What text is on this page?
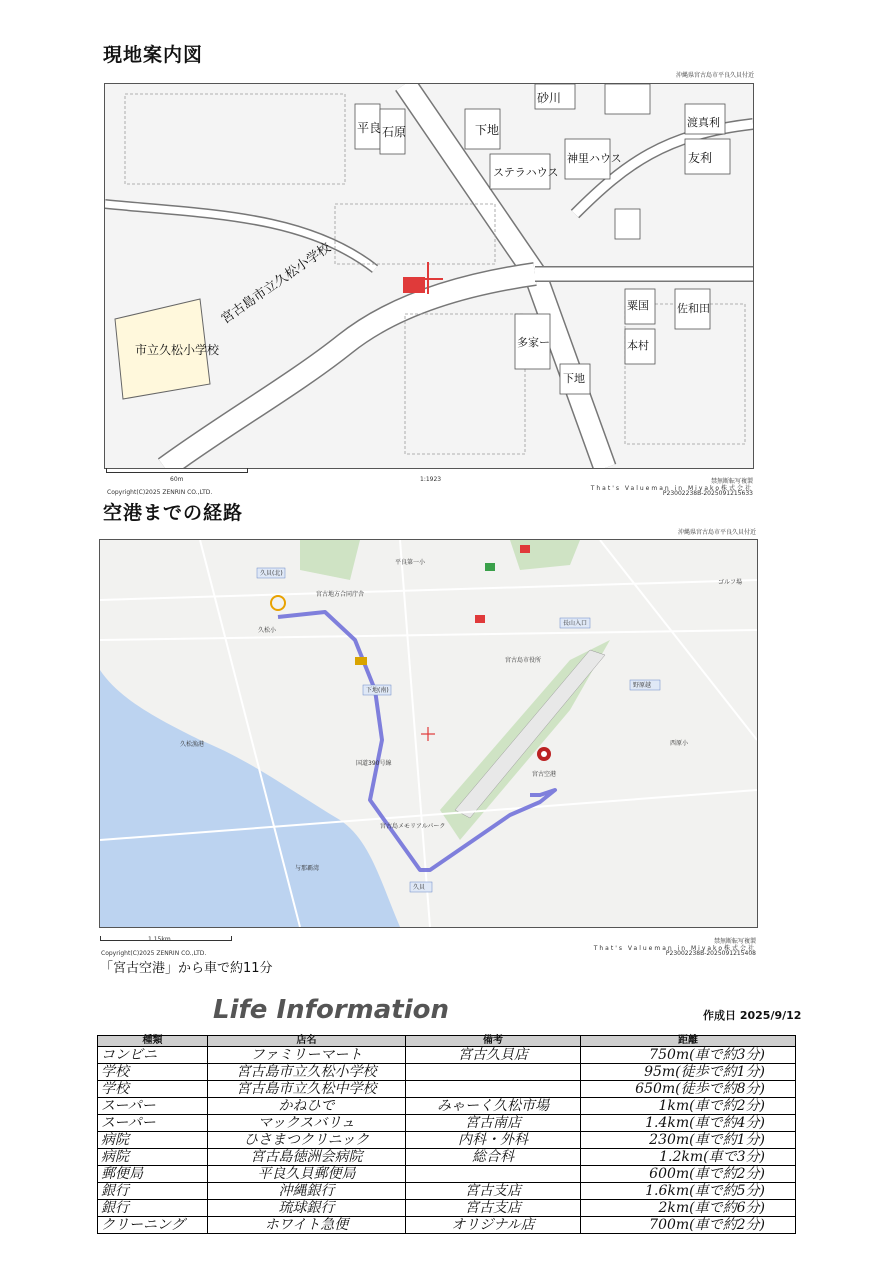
現地案内図
沖縄県宮古島市平良久貝付近
宮古島市立久松小学校
市立久松小学校
下地
ステラハウス
神里ハウス
砂川
平良 石原
多家ー
下地
粟国
本村
佐和田
友利
渡真利
60m	1:1923
Copyright(C)2025 ZENRIN CO.,LTD.
禁無断転写複製
That's Valueman in Miyako株式会社
P23002238B-2025091215633
空港までの経路
沖縄県宮古島市平良久貝付近
久貝(北)
久松小
平良第一小
宮古地方合同庁舎
下地(南)
国道390号線
宮古島市役所
宮古島メモリアルパーク
宮古空港
長山入口
野原越
久松漁港
与那覇湾
久貝
西原小
ゴルフ場
1.15km
Copyright(C)2025 ZENRIN CO.,LTD.
禁無断転写複製
That's Valueman in Miyako株式会社
P23002238B-2025091215408
「宮古空港」から車で約11分
Life Information	作成日 2025/9/12
種類	店名	備考	距離
コンビニ	ファミリーマート	宮古久貝店	750m(車で約3分)
学校	宮古島市立久松小学校		95m(徒歩で約1分)
学校	宮古島市立久松中学校		650m(徒歩で約8分)
スーパー	かねひで	みゃーく久松市場	1km(車で約2分)
スーパー	マックスバリュ	宮古南店	1.4km(車で約4分)
病院	ひさまつクリニック	内科・外科	230m(車で約1分)
病院	宮古島徳洲会病院	総合科	1.2km(車で3分)
郵便局	平良久貝郵便局		600m(車で約2分)
銀行	沖縄銀行	宮古支店	1.6km(車で約5分)
銀行	琉球銀行	宮古支店	2km(車で約6分)
クリーニング	ホワイト急便	オリジナル店	700m(車で約2分)
